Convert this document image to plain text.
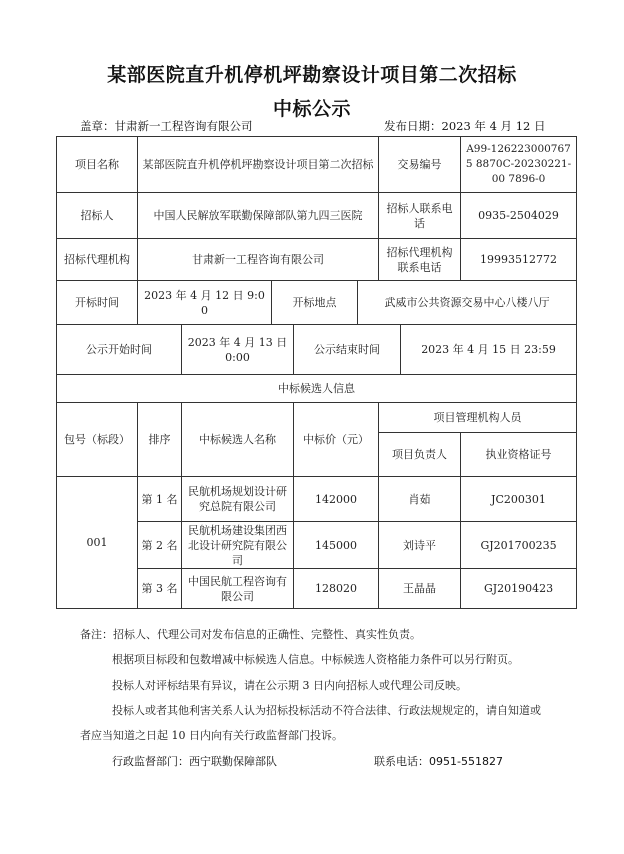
某部医院直升机停机坪勘察设计项目第二次招标
中标公示
盖章：甘肃新一工程咨询有限公司	发布日期：2023 年 4 月 12 日
项目名称	某部医院直升机停机坪勘察设计项目第二次招标					交易编号		A99-1262230007675 8870C-20230221-00 7896-0
招标人	中国人民解放军联勤保障部队第九四三医院					招标人联系电话		0935-2504029
招标代理机构	甘肃新一工程咨询有限公司					招标代理机构联系电话		19993512772
开标时间	2023 年 4 月 12 日 9:00		开标地点		武威市公共资源交易中心八楼八厅			
公示开始时间		2023 年 4 月 13 日 0:00		公示结束时间			2023 年 4 月 15 日 23:59	
中标候选人信息								
包号（标段）	排序	中标候选人名称		中标价（元）		项目管理机构人员		
						项目负责人		执业资格证号
001	第 1 名	民航机场规划设计研究总院有限公司		142000		肖茹		JC200301
	第 2 名	民航机场建设集团西北设计研究院有限公司		145000		刘诗平		GJ201700235
	第 3 名	中国民航工程咨询有限公司		128020		王晶晶		GJ20190423
备注：招标人、代理公司对发布信息的正确性、完整性、真实性负责。
根据项目标段和包数增减中标候选人信息。中标候选人资格能力条件可以另行附页。
投标人对评标结果有异议，请在公示期 3 日内向招标人或代理公司反映。
投标人或者其他利害关系人认为招标投标活动不符合法律、行政法规规定的，请自知道或
者应当知道之日起 10 日内向有关行政监督部门投诉。
行政监督部门：西宁联勤保障部队	联系电话：0951-551827
